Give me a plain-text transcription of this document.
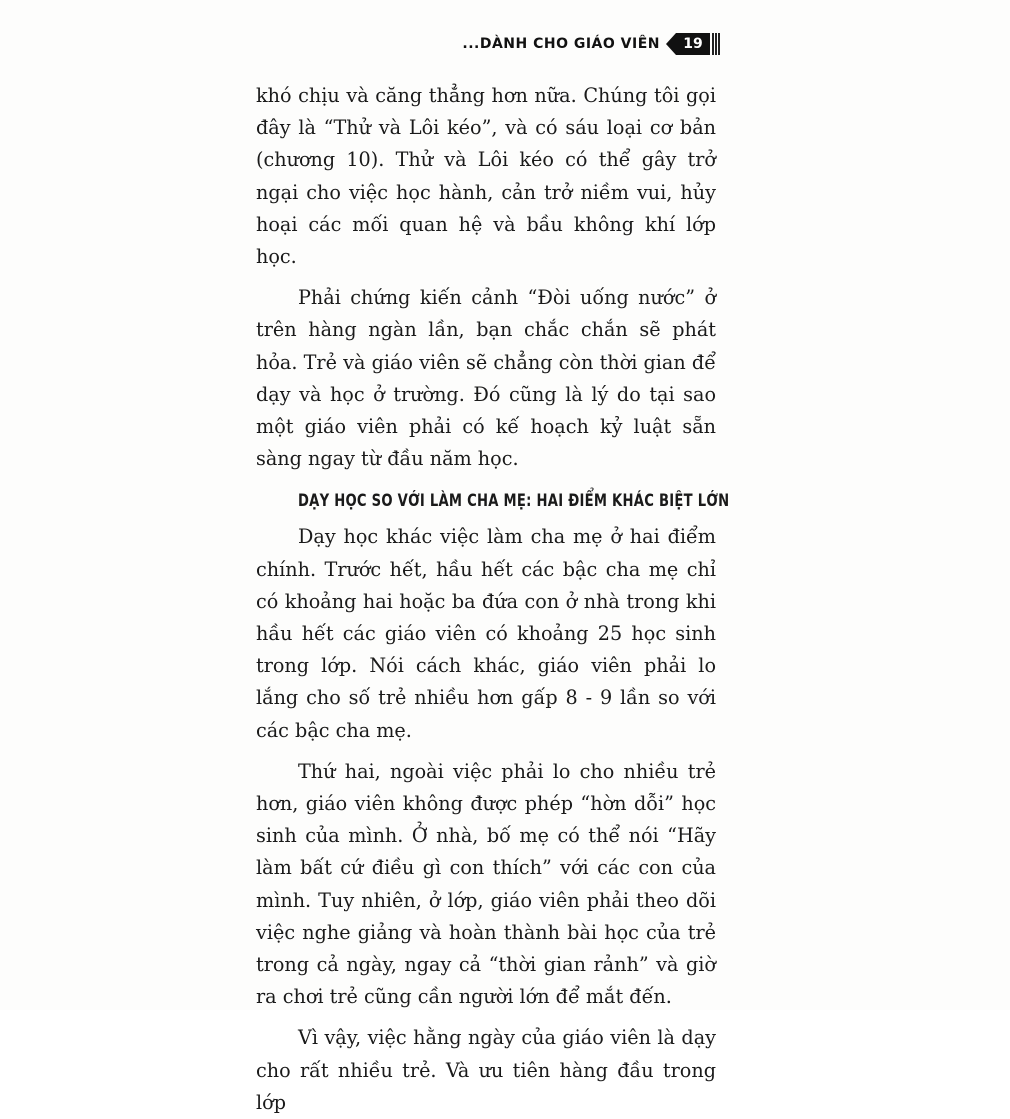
...DÀNH CHO GIÁO VIÊN	19

khó chịu và căng thẳng hơn nữa. Chúng tôi gọi đây là “Thử và Lôi kéo”, và có sáu loại cơ bản (chương 10). Thử và Lôi kéo có thể gây trở ngại cho việc học hành, cản trở niềm vui, hủy hoại các mối quan hệ và bầu không khí lớp học.

Phải chứng kiến cảnh “Đòi uống nước” ở trên hàng ngàn lần, bạn chắc chắn sẽ phát hỏa. Trẻ và giáo viên sẽ chẳng còn thời gian để dạy và học ở trường. Đó cũng là lý do tại sao một giáo viên phải có kế hoạch kỷ luật sẵn sàng ngay từ đầu năm học.

DẠY HỌC SO VỚI LÀM CHA MẸ: HAI ĐIỂM KHÁC BIỆT LỚN

Dạy học khác việc làm cha mẹ ở hai điểm chính. Trước hết, hầu hết các bậc cha mẹ chỉ có khoảng hai hoặc ba đứa con ở nhà trong khi hầu hết các giáo viên có khoảng 25 học sinh trong lớp. Nói cách khác, giáo viên phải lo lắng cho số trẻ nhiều hơn gấp 8 - 9 lần so với các bậc cha mẹ.

Thứ hai, ngoài việc phải lo cho nhiều trẻ hơn, giáo viên không được phép “hờn dỗi” học sinh của mình. Ở nhà, bố mẹ có thể nói “Hãy làm bất cứ điều gì con thích” với các con của mình. Tuy nhiên, ở lớp, giáo viên phải theo dõi việc nghe giảng và hoàn thành bài học của trẻ trong cả ngày, ngay cả “thời gian rảnh” và giờ ra chơi trẻ cũng cần người lớn để mắt đến.

Vì vậy, việc hằng ngày của giáo viên là dạy cho rất nhiều trẻ. Và ưu tiên hàng đầu trong lớp
